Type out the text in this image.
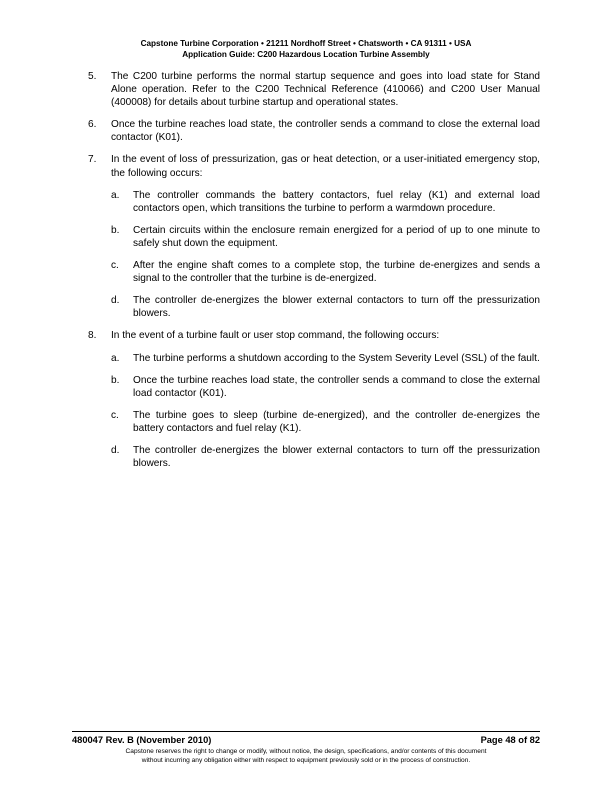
Capstone Turbine Corporation • 21211 Nordhoff Street • Chatsworth • CA 91311 • USA
Application Guide: C200 Hazardous Location Turbine Assembly
5. The C200 turbine performs the normal startup sequence and goes into load state for Stand Alone operation. Refer to the C200 Technical Reference (410066) and C200 User Manual (400008) for details about turbine startup and operational states.
6. Once the turbine reaches load state, the controller sends a command to close the external load contactor (K01).
7. In the event of loss of pressurization, gas or heat detection, or a user-initiated emergency stop, the following occurs:
a. The controller commands the battery contactors, fuel relay (K1) and external load contactors open, which transitions the turbine to perform a warmdown procedure.
b. Certain circuits within the enclosure remain energized for a period of up to one minute to safely shut down the equipment.
c. After the engine shaft comes to a complete stop, the turbine de-energizes and sends a signal to the controller that the turbine is de-energized.
d. The controller de-energizes the blower external contactors to turn off the pressurization blowers.
8. In the event of a turbine fault or user stop command, the following occurs:
a. The turbine performs a shutdown according to the System Severity Level (SSL) of the fault.
b. Once the turbine reaches load state, the controller sends a command to close the external load contactor (K01).
c. The turbine goes to sleep (turbine de-energized), and the controller de-energizes the battery contactors and fuel relay (K1).
d. The controller de-energizes the blower external contactors to turn off the pressurization blowers.
480047 Rev. B (November 2010)	Page 48 of 82
Capstone reserves the right to change or modify, without notice, the design, specifications, and/or contents of this document
without incurring any obligation either with respect to equipment previously sold or in the process of construction.
